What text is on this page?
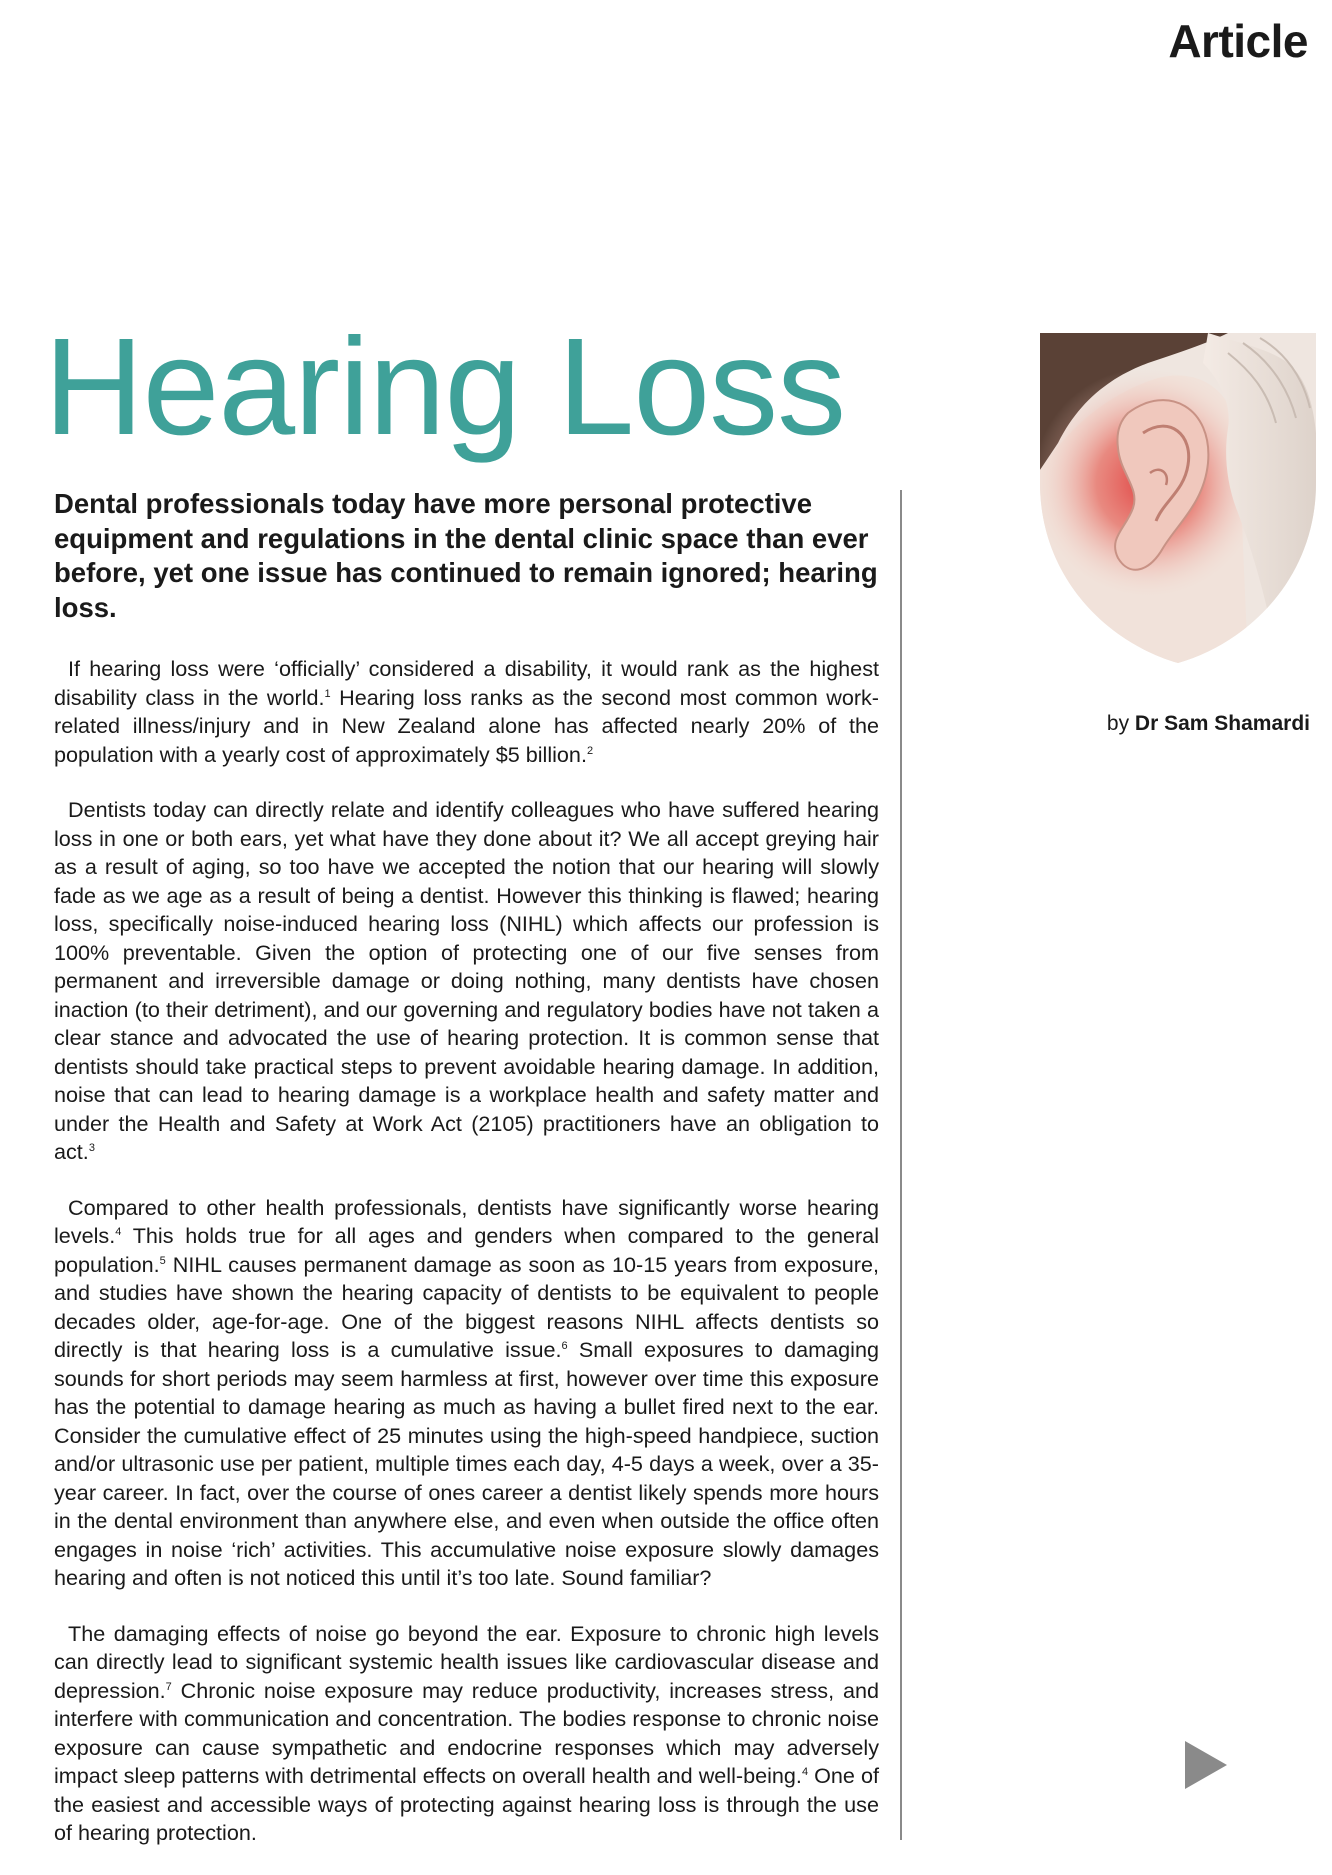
Article
Hearing Loss

Dental professionals today have more personal protective equipment and regulations in the dental clinic space than ever before, yet one issue has continued to remain ignored; hearing loss.

If hearing loss were ‘officially’ considered a disability, it would rank as the highest disability class in the world.$^1$ Hearing loss ranks as the second most common work-related illness/injury and in New Zealand alone has affected nearly 20% of the population with a yearly cost of approximately $5 billion.$^2$

Dentists today can directly relate and identify colleagues who have suffered hearing loss in one or both ears, yet what have they done about it? We all accept greying hair as a result of aging, so too have we accepted the notion that our hearing will slowly fade as we age as a result of being a dentist. However this thinking is flawed; hearing loss, specifically noise-induced hearing loss (NIHL) which affects our profession is 100% preventable. Given the option of protecting one of our five senses from permanent and irreversible damage or doing nothing, many dentists have chosen inaction (to their detriment), and our governing and regulatory bodies have not taken a clear stance and advocated the use of hearing protection. It is common sense that dentists should take practical steps to prevent avoidable hearing damage. In addition, noise that can lead to hearing damage is a workplace health and safety matter and under the Health and Safety at Work Act (2105) practitioners have an obligation to act.$^3$

Compared to other health professionals, dentists have significantly worse hearing levels.$^4$ This holds true for all ages and genders when compared to the general population.$^5$ NIHL causes permanent damage as soon as 10-15 years from exposure, and studies have shown the hearing capacity of dentists to be equivalent to people decades older, age-for-age. One of the biggest reasons NIHL affects dentists so directly is that hearing loss is a cumulative issue.$^6$ Small exposures to damaging sounds for short periods may seem harmless at first, however over time this exposure has the potential to damage hearing as much as having a bullet fired next to the ear. Consider the cumulative effect of 25 minutes using the high-speed handpiece, suction and/or ultrasonic use per patient, multiple times each day, 4-5 days a week, over a 35-year career. In fact, over the course of ones career a dentist likely spends more hours in the dental environment than anywhere else, and even when outside the office often engages in noise ‘rich’ activities. This accumulative noise exposure slowly damages hearing and often is not noticed this until it’s too late. Sound familiar?

The damaging effects of noise go beyond the ear. Exposure to chronic high levels can directly lead to significant systemic health issues like cardiovascular disease and depression.$^7$ Chronic noise exposure may reduce productivity, increases stress, and interfere with communication and concentration. The bodies response to chronic noise exposure can cause sympathetic and endocrine responses which may adversely impact sleep patterns with detrimental effects on overall health and well-being.$^4$ One of the easiest and accessible ways of protecting against hearing loss is through the use of hearing protection.

by Dr Sam Shamardi
